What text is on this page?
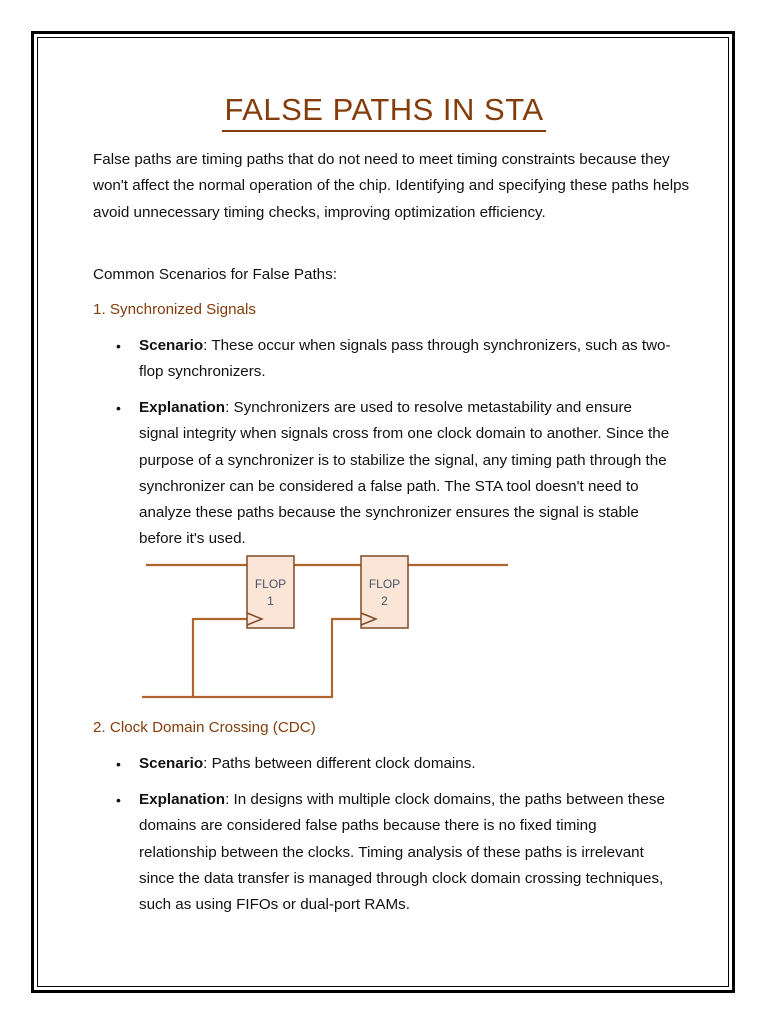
FALSE PATHS IN STA

False paths are timing paths that do not need to meet timing constraints because they won't affect the normal operation of the chip. Identifying and specifying these paths helps avoid unnecessary timing checks, improving optimization efficiency.

Common Scenarios for False Paths:

1. Synchronized Signals

• Scenario: These occur when signals pass through synchronizers, such as two-flop synchronizers.
• Explanation: Synchronizers are used to resolve metastability and ensure signal integrity when signals cross from one clock domain to another. Since the purpose of a synchronizer is to stabilize the signal, any timing path through the synchronizer can be considered a false path. The STA tool doesn't need to analyze these paths because the synchronizer ensures the signal is stable before it's used.
FLOP
1
FLOP
2

2. Clock Domain Crossing (CDC)

• Scenario: Paths between different clock domains.
• Explanation: In designs with multiple clock domains, the paths between these domains are considered false paths because there is no fixed timing relationship between the clocks. Timing analysis of these paths is irrelevant since the data transfer is managed through clock domain crossing techniques, such as using FIFOs or dual-port RAMs.
